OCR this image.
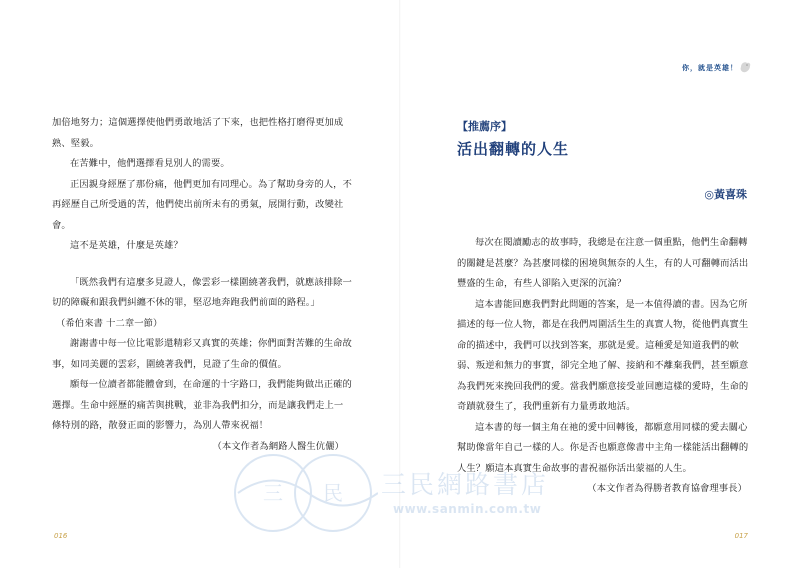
加倍地努力；這個選擇使他們勇敢地活了下來，也把性格打磨得更加成熟、堅毅。

在苦難中，他們選擇看見別人的需要。

正因親身經歷了那份痛，他們更加有同理心。為了幫助身旁的人，不再經歷自己所受過的苦，他們使出前所未有的勇氣，展開行動，改變社會。

這不是英雄，什麼是英雄？

「既然我們有這麼多見證人，像雲彩一樣圍繞著我們，就應該排除一切的障礙和跟我們糾纏不休的罪，堅忍地奔跑我們前面的路程。」

（希伯來書 十二章一節）

謝謝書中每一位比電影還精彩又真實的英雄；你們面對苦難的生命故事，如同美麗的雲彩，圍繞著我們，見證了生命的價值。

願每一位讀者都能體會到，在命運的十字路口，我們能夠做出正確的選擇。生命中經歷的痛苦與挑戰，並非為我們扣分，而是讓我們走上一條特別的路，散發正面的影響力，為別人帶來祝福！

（本文作者為網路人醫生伉儷）

016
你，就是英雄！
【推薦序】
活出翻轉的人生
◎黃喜珠

每次在閱讀勵志的故事時，我總是在注意一個重點，他們生命翻轉的關鍵是甚麼？為甚麼同樣的困境與無奈的人生，有的人可翻轉而活出豐盛的生命，有些人卻陷入更深的沉淪？

這本書能回應我們對此問題的答案，是一本值得讀的書。因為它所描述的每一位人物，都是在我們周圍活生生的真實人物，從他們真實生命的描述中，我們可以找到答案，那就是愛。這種愛是知道我們的軟弱、叛逆和無力的事實，卻完全地了解、接納和不離棄我們，甚至願意為我們死來挽回我們的愛。當我們願意接受並回應這樣的愛時，生命的奇蹟就發生了，我們重新有力量勇敢地活。

這本書的每一個主角在祂的愛中回轉後，都願意用同樣的愛去關心幫助像當年自己一樣的人。你是否也願意像書中主角一樣能活出翻轉的人生？願這本真實生命故事的書祝福你活出蒙福的人生。

（本文作者為得勝者教育協會理事長）

017
三 民 三民網路書店
www.sanmin.com.tw
